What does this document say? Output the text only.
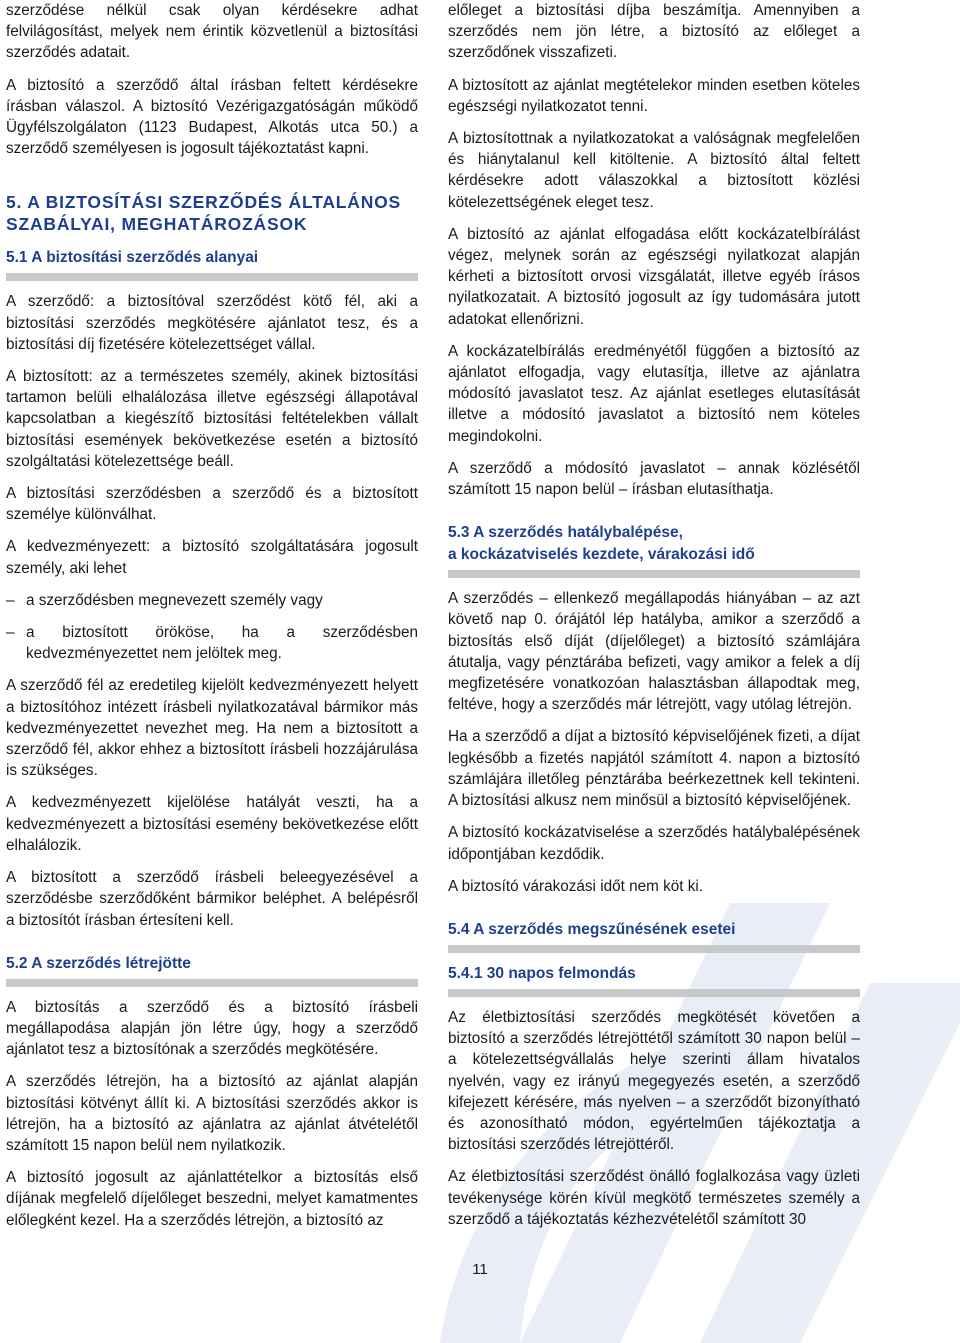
szerződése nélkül csak olyan kérdésekre adhat felvilágosítást, melyek nem érintik közvetlenül a biztosítási szerződés adatait.

A biztosító a szerződő által írásban feltett kérdésekre írásban válaszol. A biztosító Vezérigazgatóságán működő Ügyfélszolgálaton (1123 Budapest, Alkotás utca 50.) a szerződő személyesen is jogosult tájékoztatást kapni.

5. A BIZTOSÍTÁSI SZERZŐDÉS ÁLTALÁNOS SZABÁLYAI, MEGHATÁROZÁSOK
5.1 A biztosítási szerződés alanyai

A szerződő: a biztosítóval szerződést kötő fél, aki a biztosítási szerződés megkötésére ajánlatot tesz, és a biztosítási díj fizetésére kötelezettséget vállal.

A biztosított: az a természetes személy, akinek biztosítási tartamon belüli elhalálozása illetve egészségi állapotával kapcsolatban a kiegészítő biztosítási feltételekben vállalt biztosítási események bekövetkezése esetén a biztosító szolgáltatási kötelezettsége beáll.

A biztosítási szerződésben a szerződő és a biztosított személye különválhat.

A kedvezményezett: a biztosító szolgáltatására jogosult személy, aki lehet

– a szerződésben megnevezett személy vagy
– a biztosított örököse, ha a szerződésben kedvezményezettet nem jelöltek meg.

A szerződő fél az eredetileg kijelölt kedvezményezett helyett a biztosítóhoz intézett írásbeli nyilatkozatával bármikor más kedvezményezettet nevezhet meg. Ha nem a biztosított a szerződő fél, akkor ehhez a biztosított írásbeli hozzájárulása is szükséges.

A kedvezményezett kijelölése hatályát veszti, ha a kedvezményezett a biztosítási esemény bekövetkezése előtt elhalálozik.

A biztosított a szerződő írásbeli beleegyezésével a szerződésbe szerződőként bármikor beléphet. A belépésről a biztosítót írásban értesíteni kell.

5.2 A szerződés létrejötte

A biztosítás a szerződő és a biztosító írásbeli megállapodása alapján jön létre úgy, hogy a szerződő ajánlatot tesz a biztosítónak a szerződés megkötésére.

A szerződés létrejön, ha a biztosító az ajánlat alapján biztosítási kötvényt állít ki. A biztosítási szerződés akkor is létrejön, ha a biztosító az ajánlatra az ajánlat átvételétől számított 15 napon belül nem nyilatkozik.

A biztosító jogosult az ajánlattételkor a biztosítás első díjának megfelelő díjelőleget beszedni, melyet kamatmentes előlegként kezel. Ha a szerződés létrejön, a biztosító az

előleget a biztosítási díjba beszámítja. Amennyiben a szerződés nem jön létre, a biztosító az előleget a szerződőnek visszafizeti.

A biztosított az ajánlat megtételekor minden esetben köteles egészségi nyilatkozatot tenni.

A biztosítottnak a nyilatkozatokat a valóságnak megfelelően és hiánytalanul kell kitöltenie. A biztosító által feltett kérdésekre adott válaszokkal a biztosított közlési kötelezettségének eleget tesz.

A biztosító az ajánlat elfogadása előtt kockázatelbírálást végez, melynek során az egészségi nyilatkozat alapján kérheti a biztosított orvosi vizsgálatát, illetve egyéb írásos nyilatkozatait. A biztosító jogosult az így tudomására jutott adatokat ellenőrizni.

A kockázatelbírálás eredményétől függően a biztosító az ajánlatot elfogadja, vagy elutasítja, illetve az ajánlatra módosító javaslatot tesz. Az ajánlat esetleges elutasítását illetve a módosító javaslatot a biztosító nem köteles megindokolni.

A szerződő a módosító javaslatot – annak közlésétől számított 15 napon belül – írásban elutasíthatja.

5.3 A szerződés hatálybalépése,
a kockázatviselés kezdete, várakozási idő

A szerződés – ellenkező megállapodás hiányában – az azt követő nap 0. órájától lép hatályba, amikor a szerződő a biztosítás első díját (díjelőleget) a biztosító számlájára átutalja, vagy pénztárába befizeti, vagy amikor a felek a díj megfizetésére vonatkozóan halasztásban állapodtak meg, feltéve, hogy a szerződés már létrejött, vagy utólag létrejön.

Ha a szerződő a díjat a biztosító képviselőjének fizeti, a díjat legkésőbb a fizetés napjától számított 4. napon a biztosító számlájára illetőleg pénztárába beérkezettnek kell tekinteni. A biztosítási alkusz nem minősül a biztosító képviselőjének.

A biztosító kockázatviselése a szerződés hatálybalépésének időpontjában kezdődik.

A biztosító várakozási időt nem köt ki.

5.4 A szerződés megszűnésének esetei
5.4.1 30 napos felmondás

Az életbiztosítási szerződés megkötését követően a biztosító a szerződés létrejöttétől számított 30 napon belül – a kötelezettségvállalás helye szerinti állam hivatalos nyelvén, vagy ez irányú megegyezés esetén, a szerződő kifejezett kérésére, más nyelven – a szerződőt bizonyítható és azonosítható módon, egyértelműen tájékoztatja a biztosítási szerződés létrejöttéről.

Az életbiztosítási szerződést önálló foglalkozása vagy üzleti tevékenysége körén kívül megkötő természetes személy a szerződő a tájékoztatás kézhezvételétől számított 30

11
